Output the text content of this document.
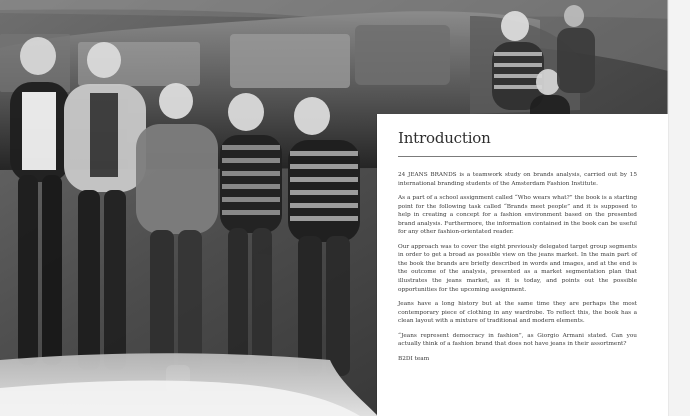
Introduction

24 JEANS BRANDS is a teamwork study on brands analysis, carried out by 15 international branding students of the Amsterdam Fashion Institute.

As a part of a school assignment called “Who wears what?” the book is a starting point for the following task called “Brands meet people” and it is supposed to help in creating a concept for a fashion environment based on the presented brand analysis. Furthermore, the information contained in the book can be useful for any other fashion-orientated reader.

Our approach was to cover the eight previously delegated target group segments in order to get a broad as possible view on the jeans market. In the main part of the book the brands are briefly described in words and images, and at the end is the outcome of the analysis, presented as a market segmentation plan that illustrates the jeans market, as it is today, and points out the possible opportunities for the upcoming assignment.

Jeans have a long history but at the same time they are perhaps the most contemporary piece of clothing in any wardrobe. To reflect this, the book has a clean layout with a mixture of traditional and modern elements.

“Jeans represent democracy in fashion”, as Giorgio Armani stated. Can you actually think of a fashion brand that does not have jeans in their assortment?

B2DI team
